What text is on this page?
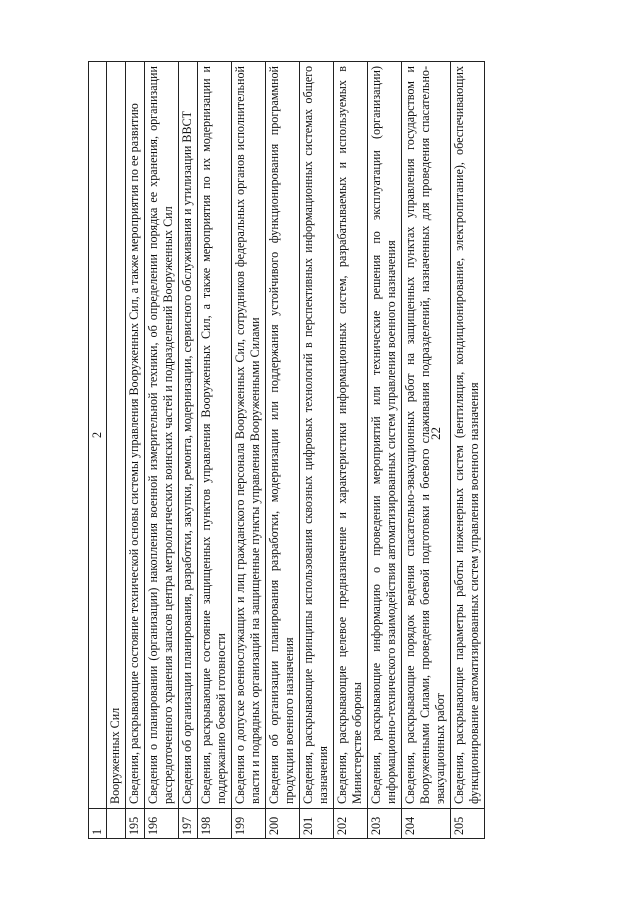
22
1	2
	Вооруженных Сил
195	Сведения, раскрывающие состояние технической основы системы управления Вооруженных Сил, а также мероприятия по ее развитию
196	Сведения о планировании (организации) накопления военной измерительной техники, об определении порядка ее хранения, организации рассредоточенного хранения запасов центра метрологических воинских частей и подразделений Вооруженных Сил
197	Сведения об организации планирования, разработки, закупки, ремонта, модернизации, сервисного обслуживания и утилизации ВВСТ
198	Сведения, раскрывающие состояние защищенных пунктов управления Вооруженных Сил, а также мероприятия по их модернизации и поддержанию боевой готовности
199	Сведения о допуске военнослужащих и лиц гражданского персонала Вооруженных Сил, сотрудников федеральных органов исполнительной власти и подрядных организаций на защищенные пункты управления Вооруженными Силами
200	Сведения об организации планирования разработки, модернизации или поддержания устойчивого функционирования программной продукции военного назначения
201	Сведения, раскрывающие принципы использования сквозных цифровых технологий в перспективных информационных системах общего назначения
202	Сведения, раскрывающие целевое предназначение и характеристики информационных систем, разрабатываемых и используемых в Министерстве обороны
203	Сведения, раскрывающие информацию о проведении мероприятий или технические решения по эксплуатации (организации) информационно-технического взаимодействия автоматизированных систем управления военного назначения
204	Сведения, раскрывающие порядок ведения спасательно-эвакуационных работ на защищенных пунктах управления государством и Вооруженными Силами, проведения боевой подготовки и боевого слаживания подразделений, назначенных для проведения спасательно-эвакуационных работ
205	Сведения, раскрывающие параметры работы инженерных систем (вентиляция, кондиционирование, электропитание), обеспечивающих функционирование автоматизированных систем управления военного назначения
